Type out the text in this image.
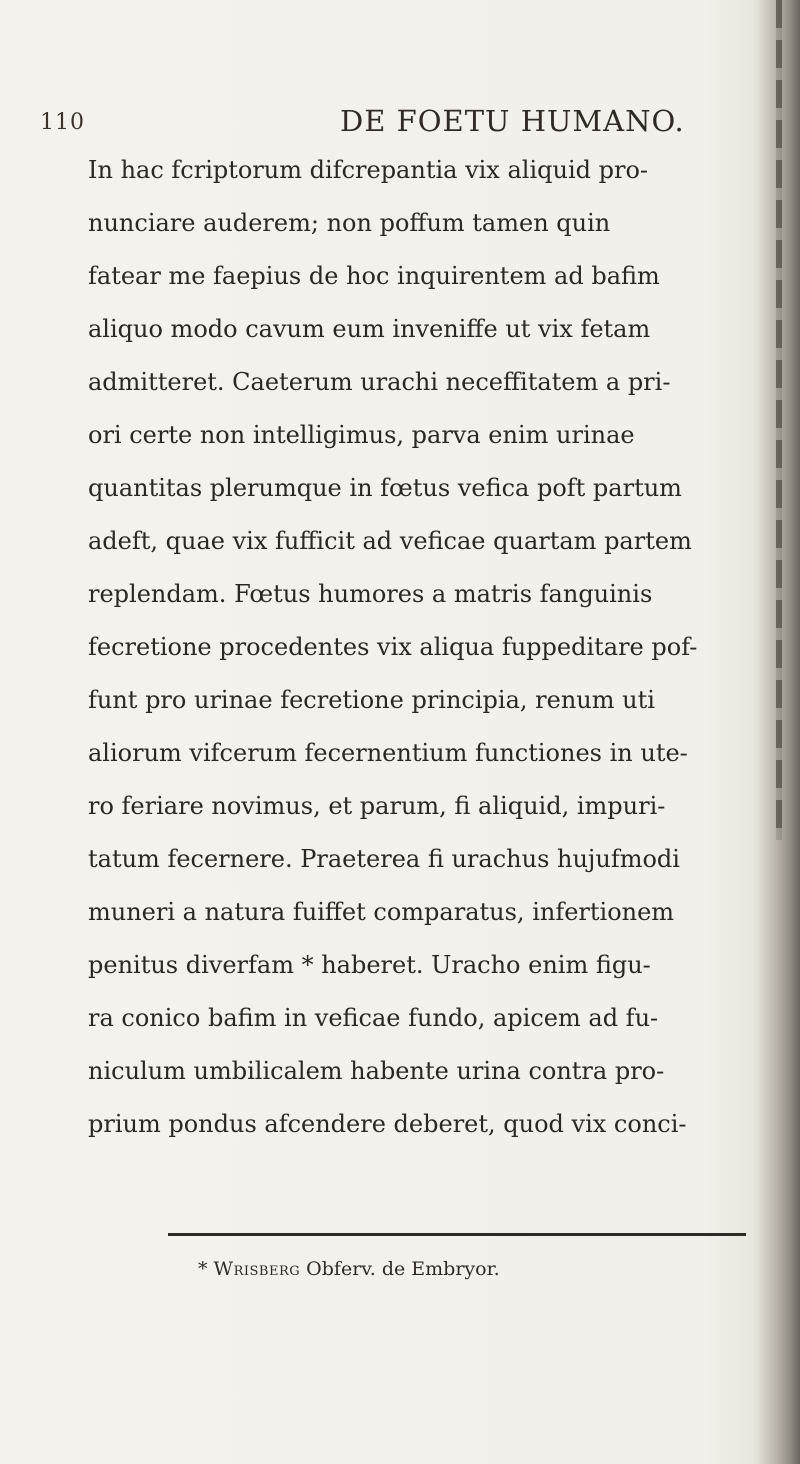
110	DE FOETU HUMANO.
In hac fcriptorum difcrepantia vix aliquid pro-
nunciare auderem; non poffum tamen quin
fatear me faepius de hoc inquirentem ad bafim
aliquo modo cavum eum inveniffe ut vix fetam
admitteret. Caeterum urachi neceffitatem a pri-
ori certe non intelligimus, parva enim urinae
quantitas plerumque in fœtus vefica poft partum
adeft, quae vix fufficit ad veficae quartam partem
replendam. Fœtus humores a matris fanguinis
fecretione procedentes vix aliqua fuppeditare pof-
funt pro urinae fecretione principia, renum uti
aliorum vifcerum fecernentium functiones in ute-
ro feriare novimus, et parum, fi aliquid, impuri-
tatum fecernere. Praeterea fi urachus hujufmodi
muneri a natura fuiffet comparatus, infertionem
penitus diverfam * haberet. Uracho enim figu-
ra conico bafim in veficae fundo, apicem ad fu-
niculum umbilicalem habente urina contra pro-
prium pondus afcendere deberet, quod vix conci-
* Wrisberg Obferv. de Embryor.
